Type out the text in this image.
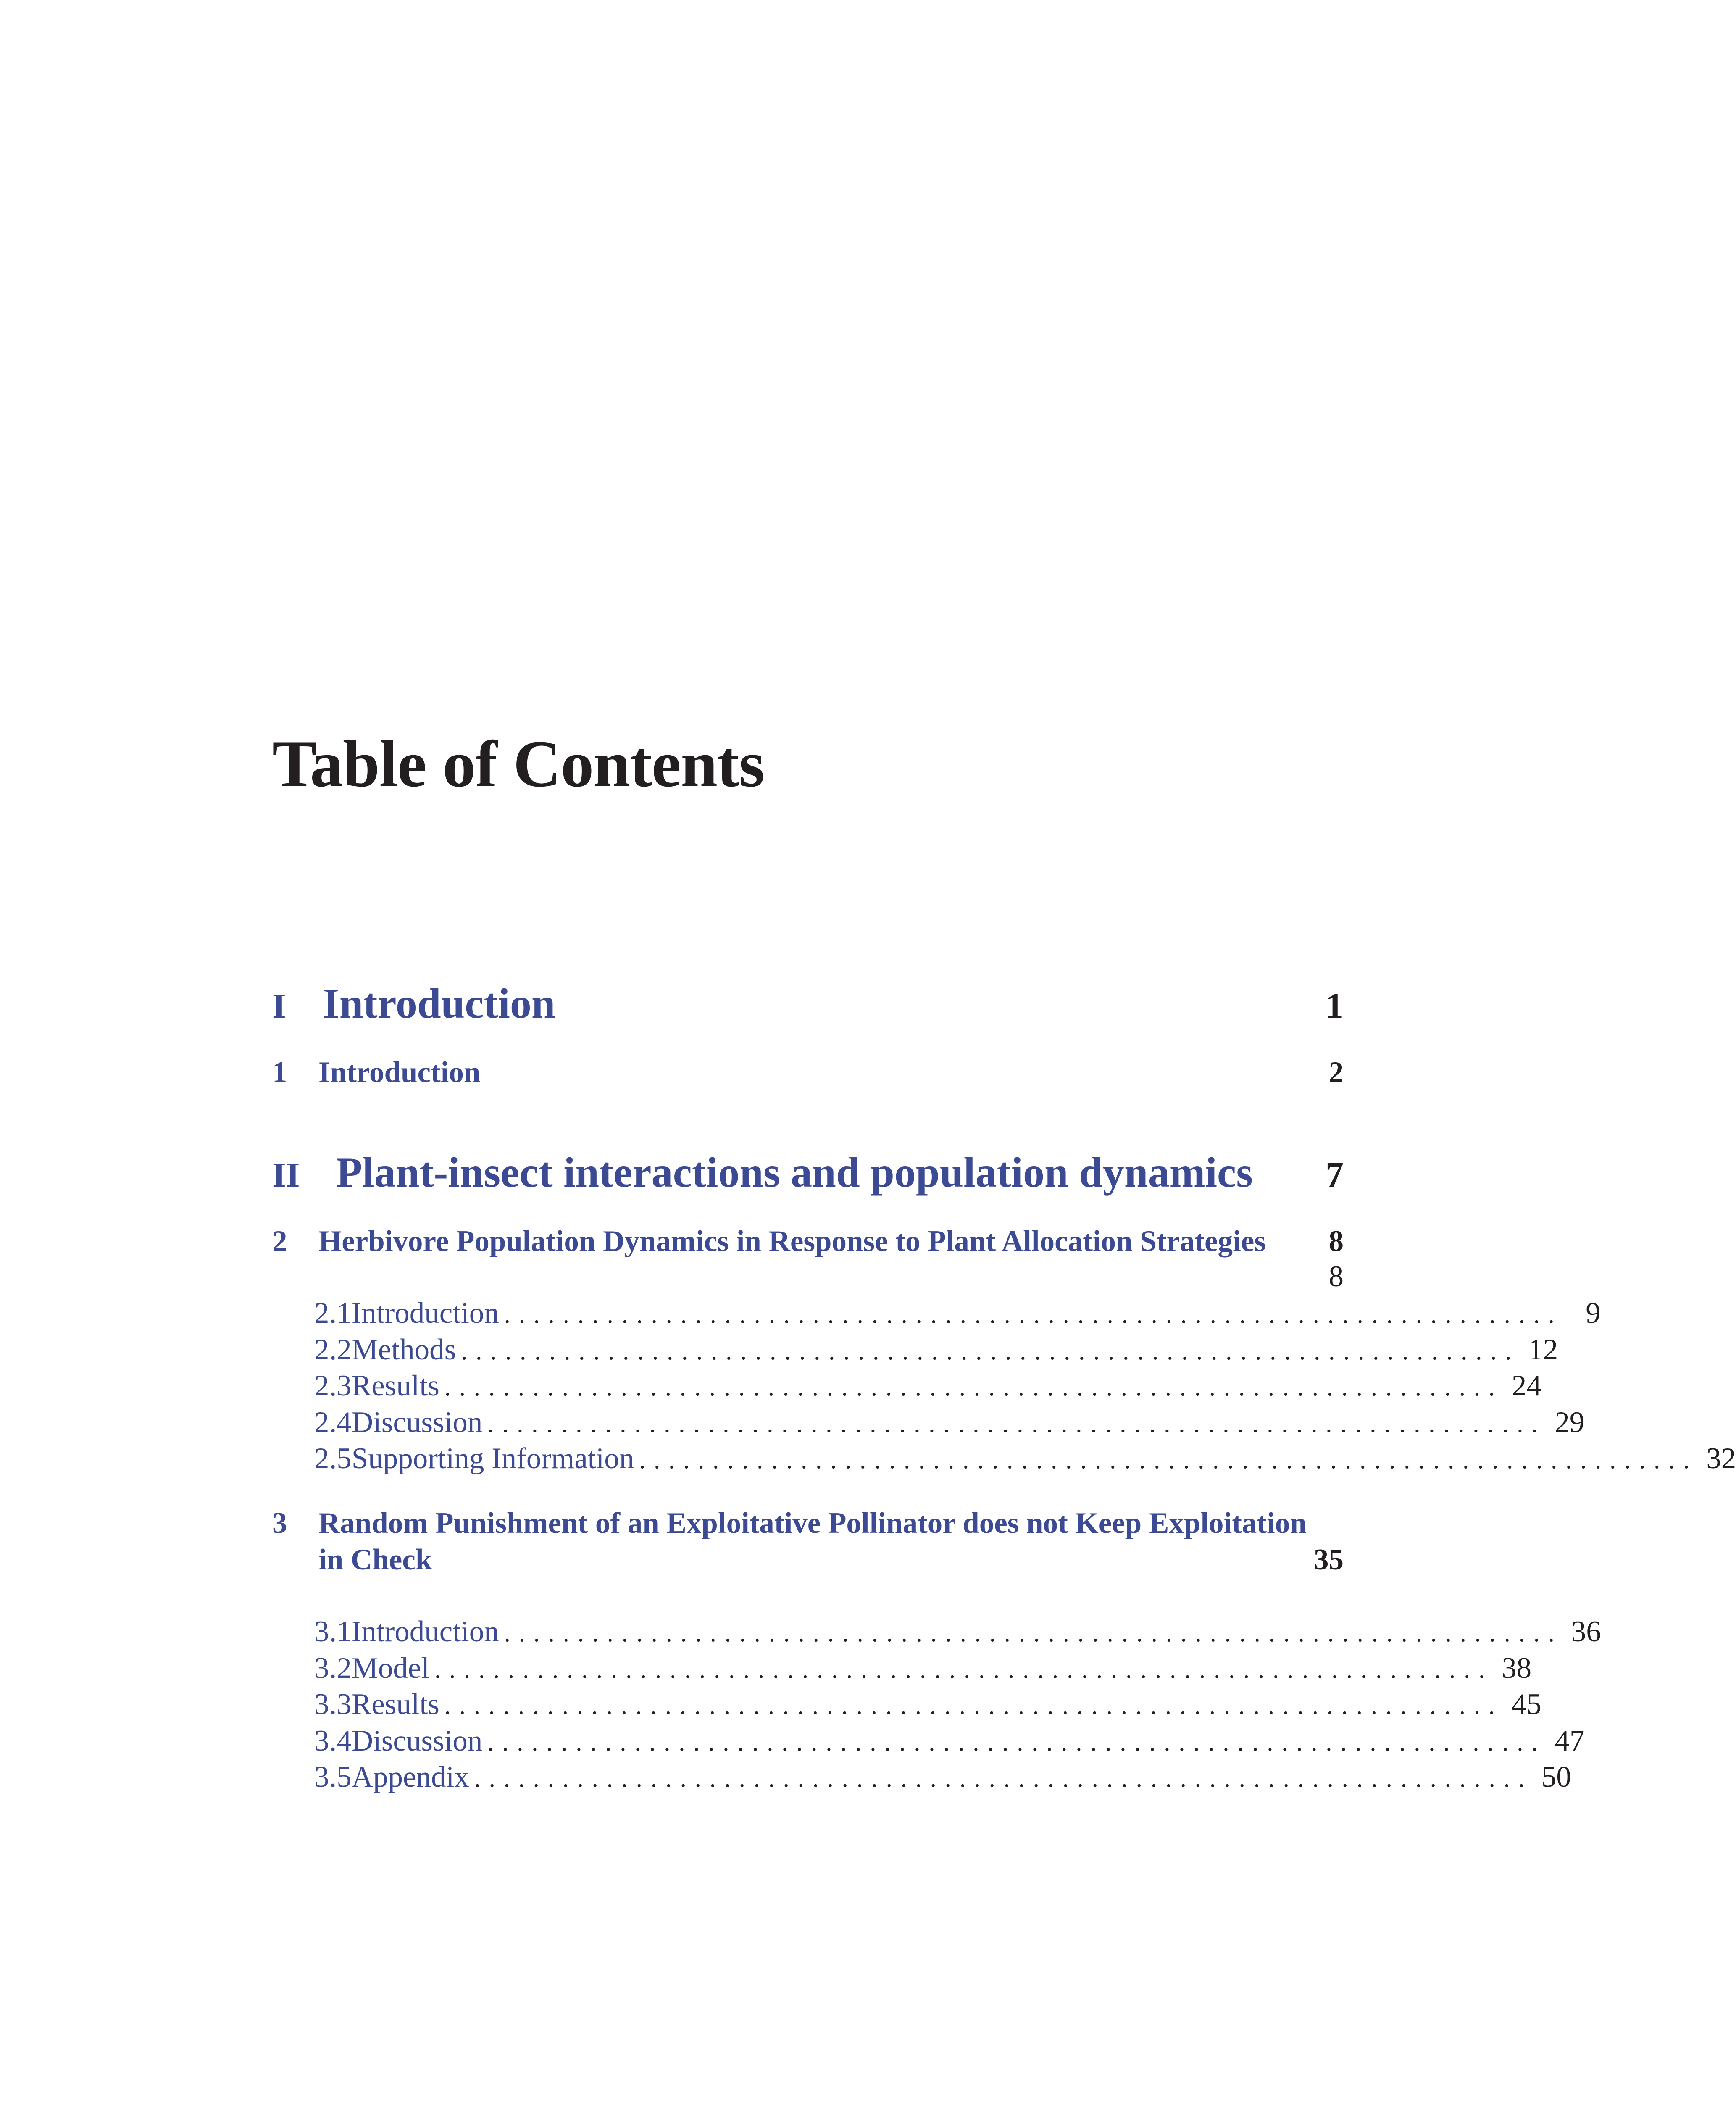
Table of Contents
I Introduction	1
1	Introduction	2
II Plant-insect interactions and population dynamics 7
2	Herbivore Population Dynamics in Response to Plant Allocation Strategies 8
8
2.1 Introduction ........................................................................ 9
2.2 Methods ........................................................................ 12
2.3 Results ........................................................................ 24
2.4 Discussion ........................................................................ 29
2.5 Supporting Information ........................................................................ 32
3	Random Punishment of an Exploitative Pollinator does not Keep Exploitation
in Check	35
3.1 Introduction ........................................................................ 36
3.2 Model ........................................................................ 38
3.3 Results ........................................................................ 45
3.4 Discussion ........................................................................ 47
3.5 Appendix ........................................................................ 50
